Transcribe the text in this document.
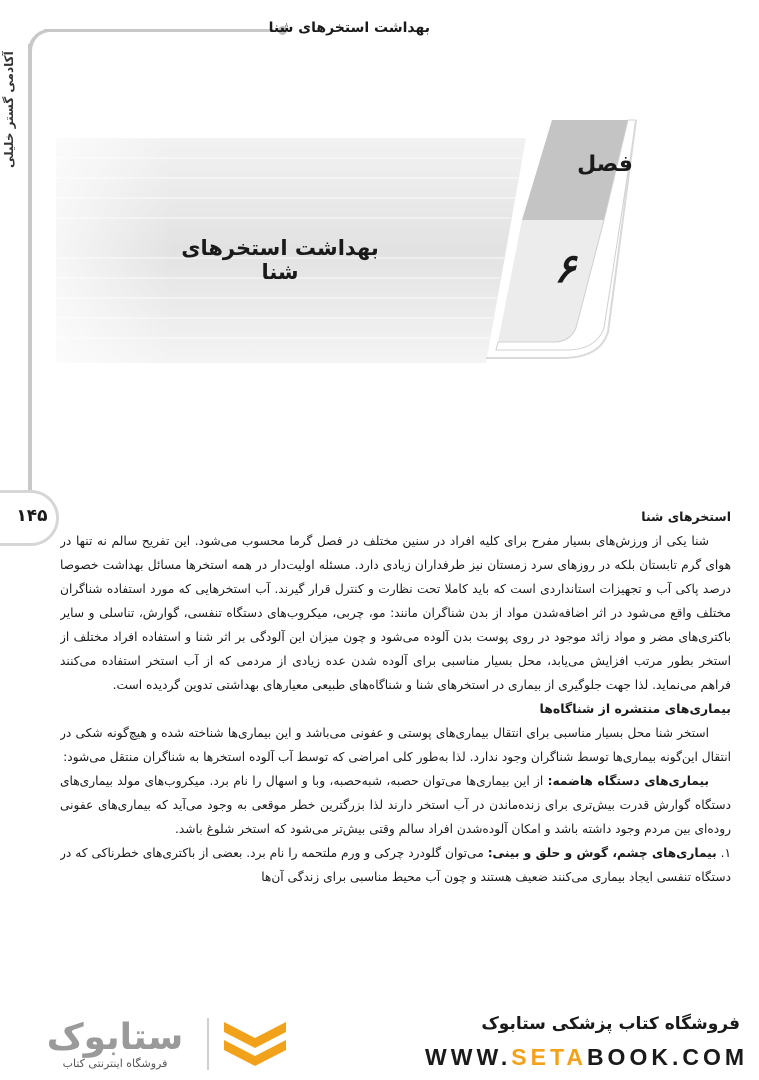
بهداشت استخرهای شنا
آکادمی گستر خلیلی
۱۴۵
فصل
۶
بهداشت استخرهای شنا
استخرهای شنا

شنا یکی از ورزش‌های بسیار مفرح برای کلیه افراد در سنین مختلف در فصل گرما محسوب می‌شود. این تفریح سالم نه تنها در هوای گرم تابستان بلکه در روزهای سرد زمستان نیز طرفداران زیادی دارد. مسئله اولیت‌دار در همه استخرها مسائل بهداشت خصوصا درصد پاکی آب و تجهیزات استانداردی است که باید کاملا تحت نظارت و کنترل قرار گیرند. آب استخرهایی که مورد استفاده شناگران مختلف واقع می‌شود در اثر اضافه‌شدن مواد از بدن شناگران مانند: مو، چربی، میکروب‌های دستگاه تنفسی، گوارش، تناسلی و سایر باکتری‌های مضر و مواد زائد موجود در روی پوست بدن آلوده می‌شود و چون میزان این آلودگی بر اثر شنا و استفاده افراد مختلف از استخر بطور مرتب افزایش می‌یابد، محل بسیار مناسبی برای آلوده شدن عده زیادی از مردمی که از آب استخر استفاده می‌کنند فراهم می‌نماید. لذا جهت جلوگیری از بیماری در استخرهای شنا و شناگاه‌های طبیعی معیارهای بهداشتی تدوین گردیده است.

بیماری‌های منتشره از شناگاه‌ها

استخر شنا محل بسیار مناسبی برای انتقال بیماری‌های پوستی و عفونی می‌باشد و این بیماری‌ها شناخته شده و هیچ‌گونه شکی در انتقال این‌گونه بیماری‌ها توسط شناگران وجود ندارد. لذا به‌طور کلی امراضی که توسط آب آلوده استخرها به شناگران منتقل می‌شود:

بیماری‌های دستگاه هاضمه: از این بیماری‌ها می‌توان حصبه، شبه‌حصبه، وبا و اسهال را نام برد. میکروب‌های مولد بیماری‌های دستگاه گوارش قدرت بیش‌تری برای زنده‌ماندن در آب استخر دارند لذا بزرگترین خطر موقعی به وجود می‌آید که بیماری‌های عفونی روده‌ای بین مردم وجود داشته باشد و امکان آلوده‌شدن افراد سالم وقتی بیش‌تر می‌شود که استخر شلوغ باشد.

۱. بیماری‌های چشم، گوش و حلق و بینی: می‌توان گلودرد چرکی و ورم ملتحمه را نام برد. بعضی از باکتری‌های خطرناکی که در دستگاه تنفسی ایجاد بیماری می‌کنند ضعیف هستند و چون آب محیط مناسبی برای زندگی آن‌ها

فروشگاه کتاب پزشکی ستابوک
WWW.SETABOOK.COM
ستابوک
فروشگاه اینترنتی کتاب
